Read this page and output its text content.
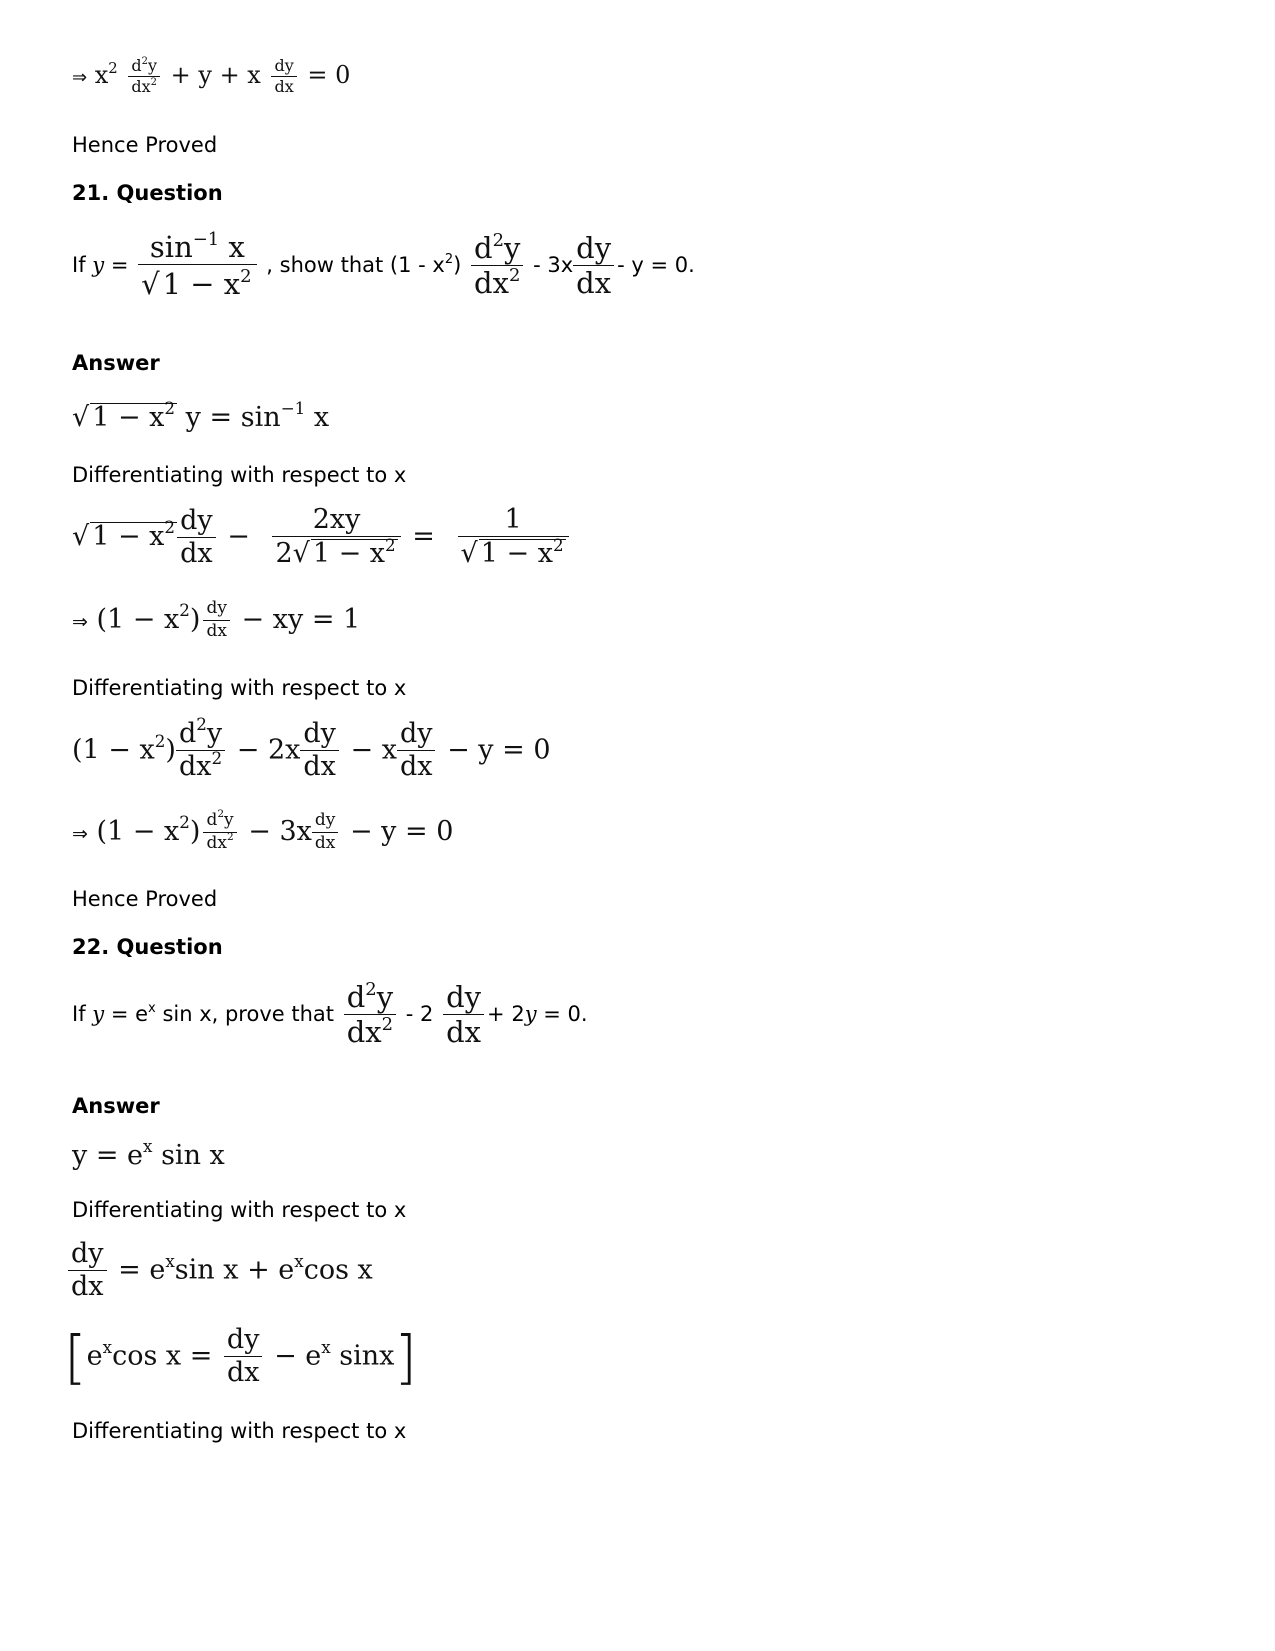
⇒ $x^2 \frac{d^2y}{dx^2} + y + x \frac{dy}{dx} = 0$
Hence Proved
21. Question
If $y = \frac{\sin^{-1} x}{√ 1 - x^2}$ , show that $(1 - x^2) \frac{d^2y}{dx^2} - 3x \frac{dy}{dx} - y = 0$.
Answer
√ $1 - x^2$ $y = \sin^{-1} x$
Differentiating with respect to x
√ $1 - x^2 \frac{dy}{dx} - \frac{2xy}{2√ 1 - x^2} = \frac{1}{√ 1 - x^2}$
⇒ $(1 - x^2) \frac{dy}{dx}$ − xy = 1
Differentiating with respect to x
$(1 - x^2) \frac{d^2y}{dx^2} - 2x \frac{dy}{dx} - x \frac{dy}{dx} - y = 0$
⇒ $(1 - x^2) \frac{d^2y}{dx^2} - 3x \frac{dy}{dx} - y = 0$
Hence Proved
22. Question
If $y = e^x$ sin x, prove that $\frac{d^2y}{dx^2} - 2 \frac{dy}{dx} + 2y = 0$.
Answer
$y = e^x$ sin x
Differentiating with respect to x
$\frac{dy}{dx} = e^x\sin$ $x + e^x\cos$ x
[$e^x\cos$ $x = \frac{dy}{dx} - e^x$ sinx]
Differentiating with respect to x
